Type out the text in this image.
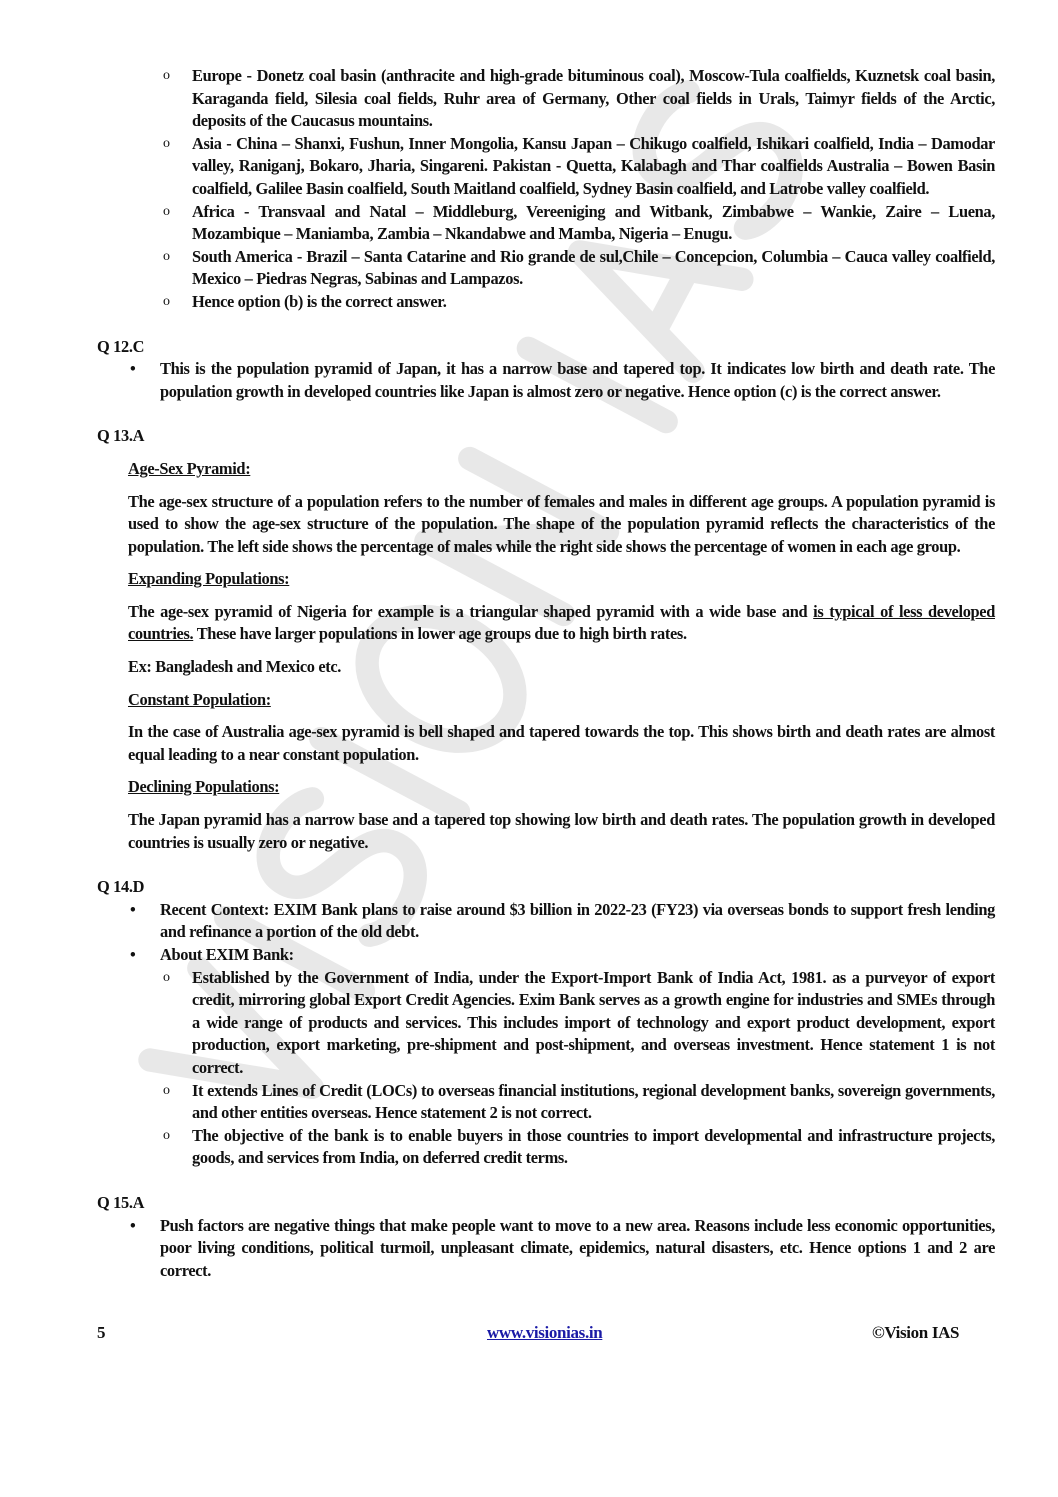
o Europe - Donetz coal basin (anthracite and high-grade bituminous coal), Moscow-Tula coalfields, Kuznetsk coal basin, Karaganda field, Silesia coal fields, Ruhr area of Germany, Other coal fields in Urals, Taimyr fields of the Arctic, deposits of the Caucasus mountains.
o Asia - China – Shanxi, Fushun, Inner Mongolia, Kansu Japan – Chikugo coalfield, Ishikari coalfield, India – Damodar valley, Raniganj, Bokaro, Jharia, Singareni. Pakistan - Quetta, Kalabagh and Thar coalfields Australia – Bowen Basin coalfield, Galilee Basin coalfield, South Maitland coalfield, Sydney Basin coalfield, and Latrobe valley coalfield.
o Africa - Transvaal and Natal – Middleburg, Vereeniging and Witbank, Zimbabwe – Wankie, Zaire – Luena, Mozambique – Maniamba, Zambia – Nkandabwe and Mamba, Nigeria – Enugu.
o South America - Brazil – Santa Catarine and Rio grande de sul,Chile – Concepcion, Columbia – Cauca valley coalfield, Mexico – Piedras Negras, Sabinas and Lampazos.
o Hence option (b) is the correct answer.
Q 12.C
• This is the population pyramid of Japan, it has a narrow base and tapered top. It indicates low birth and death rate. The population growth in developed countries like Japan is almost zero or negative. Hence option (c) is the correct answer.
Q 13.A
Age-Sex Pyramid:
The age-sex structure of a population refers to the number of females and males in different age groups. A population pyramid is used to show the age-sex structure of the population. The shape of the population pyramid reflects the characteristics of the population. The left side shows the percentage of males while the right side shows the percentage of women in each age group.
Expanding Populations:
The age-sex pyramid of Nigeria for example is a triangular shaped pyramid with a wide base and is typical of less developed countries. These have larger populations in lower age groups due to high birth rates.
Ex: Bangladesh and Mexico etc.
Constant Population:
In the case of Australia age-sex pyramid is bell shaped and tapered towards the top. This shows birth and death rates are almost equal leading to a near constant population.
Declining Populations:
The Japan pyramid has a narrow base and a tapered top showing low birth and death rates. The population growth in developed countries is usually zero or negative.
Q 14.D
• Recent Context: EXIM Bank plans to raise around $3 billion in 2022-23 (FY23) via overseas bonds to support fresh lending and refinance a portion of the old debt.
• About EXIM Bank:
o Established by the Government of India, under the Export-Import Bank of India Act, 1981. as a purveyor of export credit, mirroring global Export Credit Agencies. Exim Bank serves as a growth engine for industries and SMEs through a wide range of products and services. This includes import of technology and export product development, export production, export marketing, pre-shipment and post-shipment, and overseas investment. Hence statement 1 is not correct.
o It extends Lines of Credit (LOCs) to overseas financial institutions, regional development banks, sovereign governments, and other entities overseas. Hence statement 2 is not correct.
o The objective of the bank is to enable buyers in those countries to import developmental and infrastructure projects, goods, and services from India, on deferred credit terms.
Q 15.A
• Push factors are negative things that make people want to move to a new area. Reasons include less economic opportunities, poor living conditions, political turmoil, unpleasant climate, epidemics, natural disasters, etc. Hence options 1 and 2 are correct.
5	www.visionias.in	©Vision IAS
